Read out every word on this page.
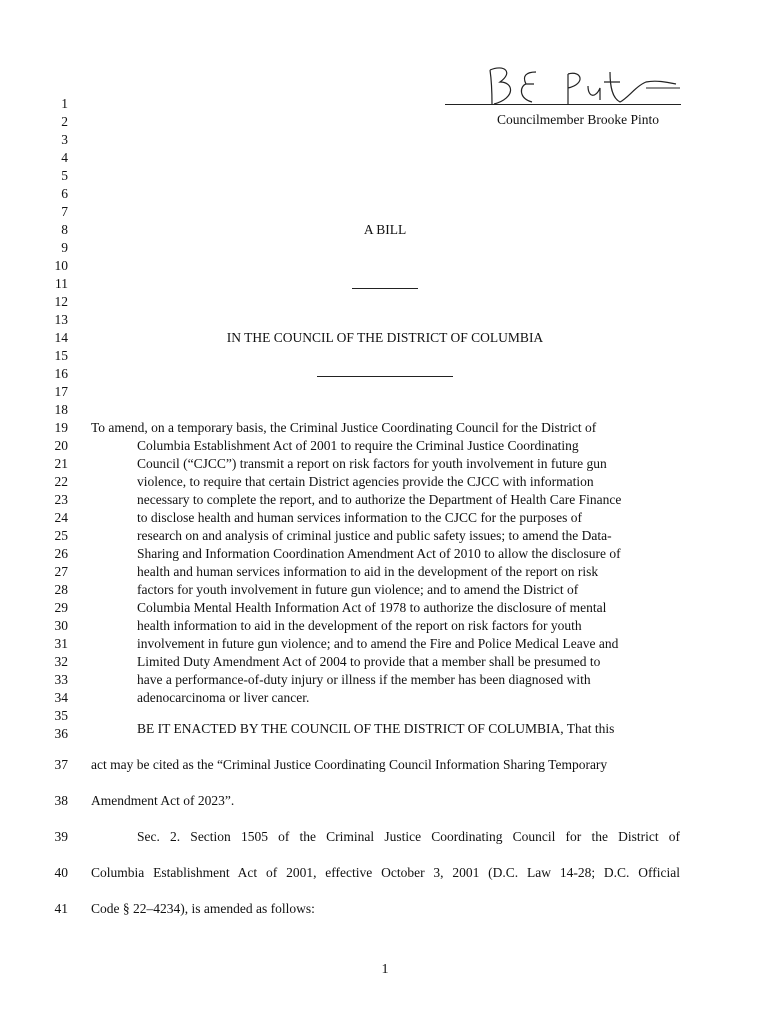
Councilmember Brooke Pinto
1
2
3
4
5
6
7
8
9
10
11
12
13
14
15
16
17
18
19
20
21
22
23
24
25
26
27
28
29
30
31
32
33
34
35
36
37
38
39
40
41
A BILL
IN THE COUNCIL OF THE DISTRICT OF COLUMBIA
To amend, on a temporary basis, the Criminal Justice Coordinating Council for the District of
Columbia Establishment Act of 2001 to require the Criminal Justice Coordinating
Council (“CJCC”) transmit a report on risk factors for youth involvement in future gun
violence, to require that certain District agencies provide the CJCC with information
necessary to complete the report, and to authorize the Department of Health Care Finance
to disclose health and human services information to the CJCC for the purposes of
research on and analysis of criminal justice and public safety issues; to amend the Data-
Sharing and Information Coordination Amendment Act of 2010 to allow the disclosure of
health and human services information to aid in the development of the report on risk
factors for youth involvement in future gun violence; and to amend the District of
Columbia Mental Health Information Act of 1978 to authorize the disclosure of mental
health information to aid in the development of the report on risk factors for youth
involvement in future gun violence; and to amend the Fire and Police Medical Leave and
Limited Duty Amendment Act of 2004 to provide that a member shall be presumed to
have a performance-of-duty injury or illness if the member has been diagnosed with
adenocarcinoma or liver cancer.
BE IT ENACTED BY THE COUNCIL OF THE DISTRICT OF COLUMBIA, That this
act may be cited as the “Criminal Justice Coordinating Council Information Sharing Temporary
Amendment Act of 2023”.
Sec. 2. Section 1505 of the Criminal Justice Coordinating Council for the District of
Columbia Establishment Act of 2001, effective October 3, 2001 (D.C. Law 14-28; D.C. Official
Code § 22–4234), is amended as follows:
1
